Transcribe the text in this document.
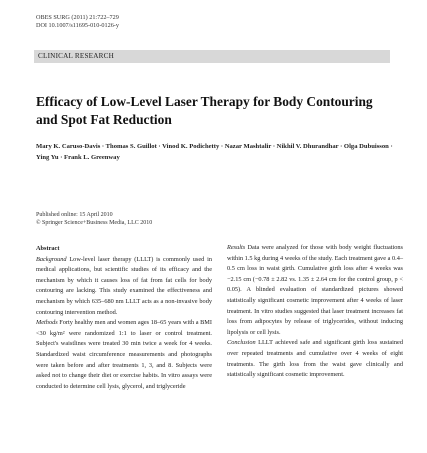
OBES SURG (2011) 21:722–729
DOI 10.1007/s11695-010-0126-y
CLINICAL RESEARCH
Efficacy of Low-Level Laser Therapy for Body Contouring and Spot Fat Reduction
Mary K. Caruso-Davis · Thomas S. Guillot · Vinod K. Podichetty · Nazar Mashtalir · Nikhil V. Dhurandhar · Olga Dubuisson · Ying Yu · Frank L. Greenway
Published online: 15 April 2010
© Springer Science+Business Media, LLC 2010
Abstract
Background Low-level laser therapy (LLLT) is commonly used in medical applications, but scientific studies of its efficacy and the mechanism by which it causes loss of fat from fat cells for body contouring are lacking. This study examined the effectiveness and mechanism by which 635–680 nm LLLT acts as a non-invasive body contouring intervention method.
Methods Forty healthy men and women ages 18–65 years with a BMI <30 kg/m² were randomized 1:1 to laser or control treatment. Subject's waistlines were treated 30 min twice a week for 4 weeks. Standardized waist circumference measurements and photographs were taken before and after treatments 1, 3, and 8. Subjects were asked not to change their diet or exercise habits. In vitro assays were conducted to determine cell lysis, glycerol, and triglyceride
Results Data were analyzed for those with body weight fluctuations within 1.5 kg during 4 weeks of the study. Each treatment gave a 0.4–0.5 cm loss in waist girth. Cumulative girth loss after 4 weeks was −2.15 cm (−0.78 ± 2.82 vs. 1.35 ± 2.64 cm for the control group, p < 0.05). A blinded evaluation of standardized pictures showed statistically significant cosmetic improvement after 4 weeks of laser treatment. In vitro studies suggested that laser treatment increases fat loss from adipocytes by release of triglycerides, without inducing lipolysis or cell lysis.
Conclusion LLLT achieved safe and significant girth loss sustained over repeated treatments and cumulative over 4 weeks of eight treatments. The girth loss from the waist gave clinically and statistically significant cosmetic improvement.
